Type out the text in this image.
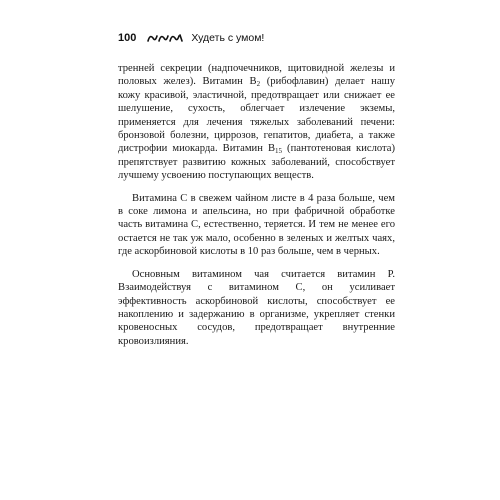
100	Худеть с умом!

тренней секреции (надпочечников, щитовидной железы и половых желез). Витамин $B_2$ (рибофлавин) делает нашу кожу красивой, эластичной, предотвращает или снижает ее шелушение, сухость, облегчает излечение экземы, применяется для лечения тяжелых заболеваний печени: бронзовой болезни, циррозов, гепатитов, диабета, а также дистрофии миокарда. Витамин $B_{15}$ (пантотеновая кислота) препятствует развитию кожных заболеваний, способствует лучшему усвоению поступающих веществ.

Витамина C в свежем чайном листе в 4 раза больше, чем в соке лимона и апельсина, но при фабричной обработке часть витамина C, естественно, теряется. И тем не менее его остается не так уж мало, особенно в зеленых и желтых чаях, где аскорбиновой кислоты в 10 раз больше, чем в черных.

Основным витамином чая считается витамин P. Взаимодействуя с витамином C, он усиливает эффективность аскорбиновой кислоты, способствует ее накоплению и задержанию в организме, укрепляет стенки кровеносных сосудов, предотвращает внутренние кровоизлияния.
